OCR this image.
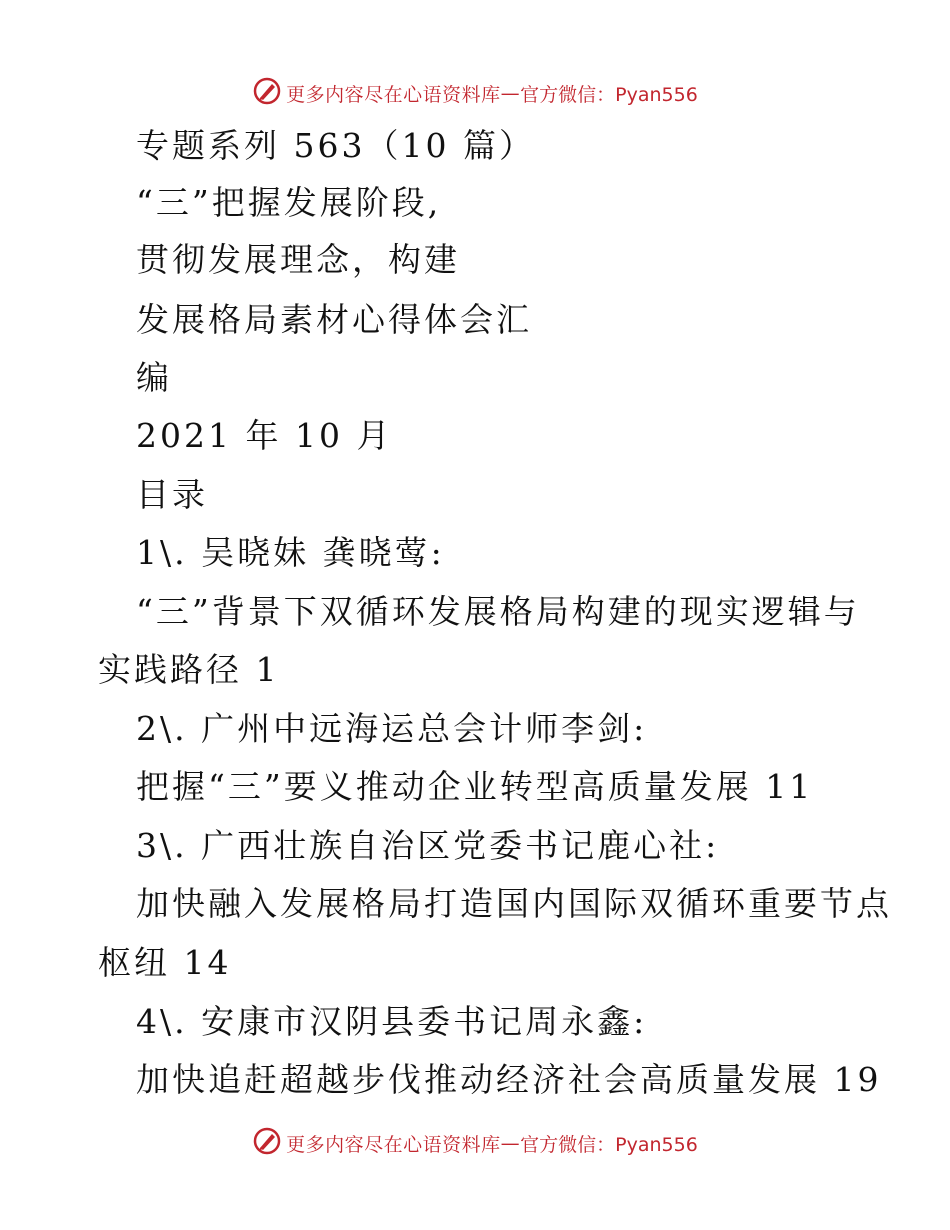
更多内容尽在心语资料库—官方微信：Pyan556
专题系列 563（10 篇）
“三”把握发展阶段,
贯彻发展理念，构建
发展格局素材心得体会汇
编
2021 年 10 月
目录
1\. 吴晓妹 龚晓莺:
“三”背景下双循环发展格局构建的现实逻辑与
实践路径 1
2\. 广州中远海运总会计师李剑:
把握“三”要义推动企业转型高质量发展 11
3\. 广西壮族自治区党委书记鹿心社:
加快融入发展格局打造国内国际双循环重要节点
枢纽 14
4\. 安康市汉阴县委书记周永鑫:
加快追赶超越步伐推动经济社会高质量发展 19
更多内容尽在心语资料库—官方微信：Pyan556
